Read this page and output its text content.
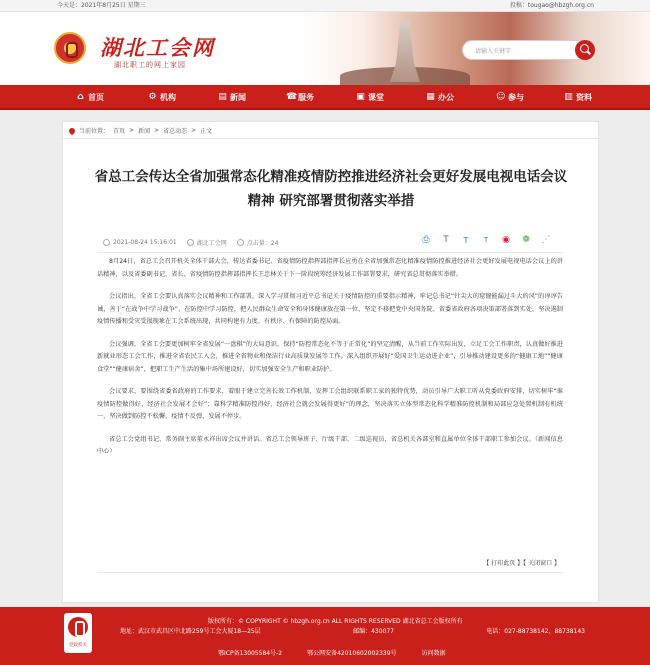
今天是：2021年8月25日 星期三	投稿：tougao@hbzgh.org.cn
湖北工会网
湖北职工的网上家园
请输入关键字
⌂ 首页	⚙ 机构	▤ 新闻	☎ 服务	▣ 课堂	▦ 办公	☺ 参与	▥ 资料
当前位置： 首页 > 新闻 > 省总动态 > 正文
省总工会传达全省加强常态化精准疫情防控推进经济社会更好发展电视电话会议精神 研究部署贯彻落实举措
2021-08-24 15:16:01	湖北工会网	点击量：24	⎙	T	T	T	◉ ❁ ⋰

8月24日，省总工会召开机关全体干部大会，传达省委书记、省疫情防控指挥部指挥长应勇在全省加强常态化精准疫情防控推进经济社会更好发展电视电话会议上的讲话精神，以及省委副书记、省长、省疫情防控指挥部指挥长王忠林关于下一阶段统筹经济发展工作部署要求，研究省总贯彻落实举措。

会议指出，全省工会要认真落实会议精神和工作部署，深入学习贯彻习近平总书记关于疫情防控的重要指示精神，牢记总书记“针尖大的窟窿能漏过斗大的风”的谆谆告诫，善于“在战争中学习战争”、在防控中学习防控，把人民群众生命安全和身体健康放在第一位，坚定不移把党中央国务院、省委省政府各项决策部署落到实处，坚决遏制疫情传播和受灾受损现象在工会系统出现，共同构建有力度、有秩序、有保障的防控局面。

会议强调，全省工会要更加树牢全省发展“一盘棋”的大局意识，保持“防控常态化不等于正常化”的坚定清醒，从当前工作实际出发，立足工会工作职责，认真做好推进新就业形态工会工作，推进全省农民工入会，推进全省物业和保洁行业高质量发展等工作。深入组织开展好“爱国卫生运动进企业”，引导推动建设更多的“健康工地”“健康食堂”“健康宿舍”，把职工生产生活的集中场所建设好，切实加强安全生产和职业防护。

会议要求，要围绕省委省政府的工作要求，着眼于建立完善长效工作机制，发挥工会组织联系职工家的独特优势，动员引导广大职工听从党委政府安排，切实树牢“谁疫情防控做得好，经济社会发展才会好”；靠科学精准防控得好，经济社会就会发展得更好”的理念，坚决落实立体型常态化科学精准防控机制和局部应急处置机制有机统一，坚决做到防控不松懈、疫情不反弹、发展不停步。

省总工会党组书记、常务副主席董永祥出席会议并讲话。省总工会领导班子、厅级干部、二级巡视员，省总机关各部室和直属单位全体干部职工参加会议。（新闻信息中心）

【 打印此页 】【 关闭窗口 】
党政机关
版权所有：© COPYRIGHT © hbzgh.org.cn ALL RIGHTS RESERVED 湖北省总工会版权所有
地址：武汉市武昌区中北路259号工会大厦18—25层	邮编：430077	电话：027-88738142、88738143
鄂ICP备13005584号-2	鄂公网安备42010602002339号	访问数据
